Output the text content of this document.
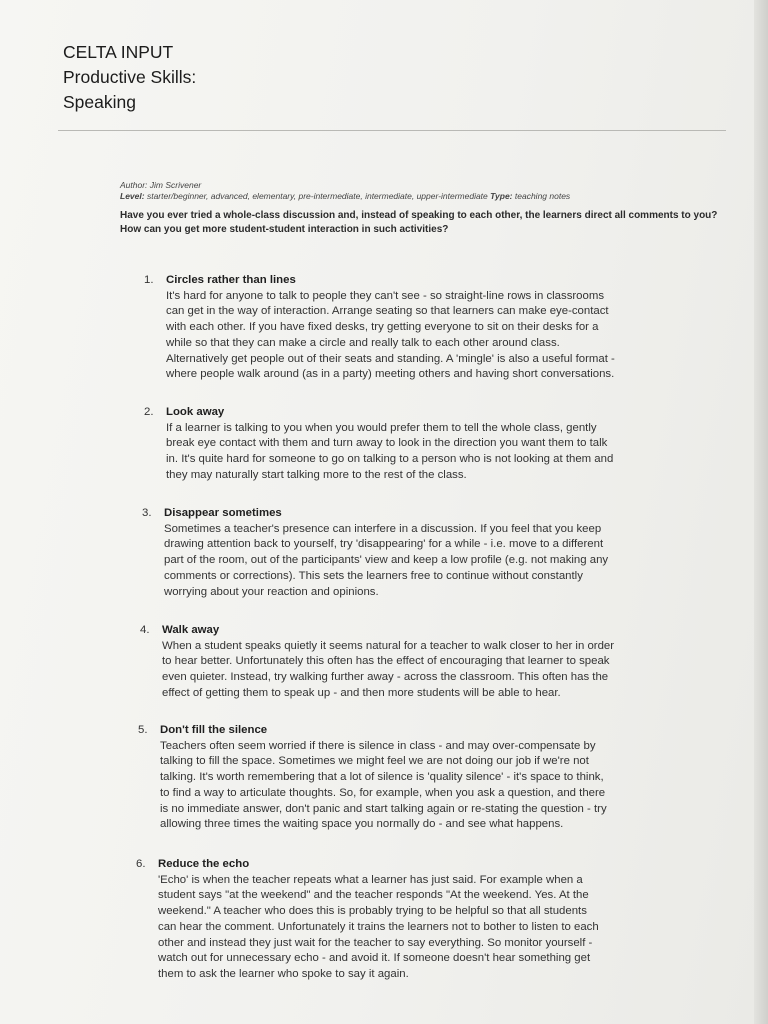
CELTA INPUT
Productive Skills:
Speaking
Author: Jim Scrivener
Level: starter/beginner, advanced, elementary, pre-intermediate, intermediate, upper-intermediate Type: teaching notes
Have you ever tried a whole-class discussion and, instead of speaking to each other, the learners direct all comments to you? How can you get more student-student interaction in such activities?
1.	Circles rather than lines
It's hard for anyone to talk to people they can't see - so straight-line rows in classrooms
can get in the way of interaction. Arrange seating so that learners can make eye-contact
with each other. If you have fixed desks, try getting everyone to sit on their desks for a
while so that they can make a circle and really talk to each other around class.
Alternatively get people out of their seats and standing. A 'mingle' is also a useful format -
where people walk around (as in a party) meeting others and having short conversations.
2.	Look away
If a learner is talking to you when you would prefer them to tell the whole class, gently
break eye contact with them and turn away to look in the direction you want them to talk
in. It's quite hard for someone to go on talking to a person who is not looking at them and
they may naturally start talking more to the rest of the class.
3.	Disappear sometimes
Sometimes a teacher's presence can interfere in a discussion. If you feel that you keep
drawing attention back to yourself, try 'disappearing' for a while - i.e. move to a different
part of the room, out of the participants' view and keep a low profile (e.g. not making any
comments or corrections). This sets the learners free to continue without constantly
worrying about your reaction and opinions.
4.	Walk away
When a student speaks quietly it seems natural for a teacher to walk closer to her in order
to hear better. Unfortunately this often has the effect of encouraging that learner to speak
even quieter. Instead, try walking further away - across the classroom. This often has the
effect of getting them to speak up - and then more students will be able to hear.
5.	Don't fill the silence
Teachers often seem worried if there is silence in class - and may over-compensate by
talking to fill the space. Sometimes we might feel we are not doing our job if we're not
talking. It's worth remembering that a lot of silence is 'quality silence' - it's space to think,
to find a way to articulate thoughts. So, for example, when you ask a question, and there
is no immediate answer, don't panic and start talking again or re-stating the question - try
allowing three times the waiting space you normally do - and see what happens.
6.	Reduce the echo
'Echo' is when the teacher repeats what a learner has just said. For example when a
student says "at the weekend" and the teacher responds "At the weekend. Yes. At the
weekend." A teacher who does this is probably trying to be helpful so that all students
can hear the comment. Unfortunately it trains the learners not to bother to listen to each
other and instead they just wait for the teacher to say everything. So monitor yourself -
watch out for unnecessary echo - and avoid it. If someone doesn't hear something get
them to ask the learner who spoke to say it again.
